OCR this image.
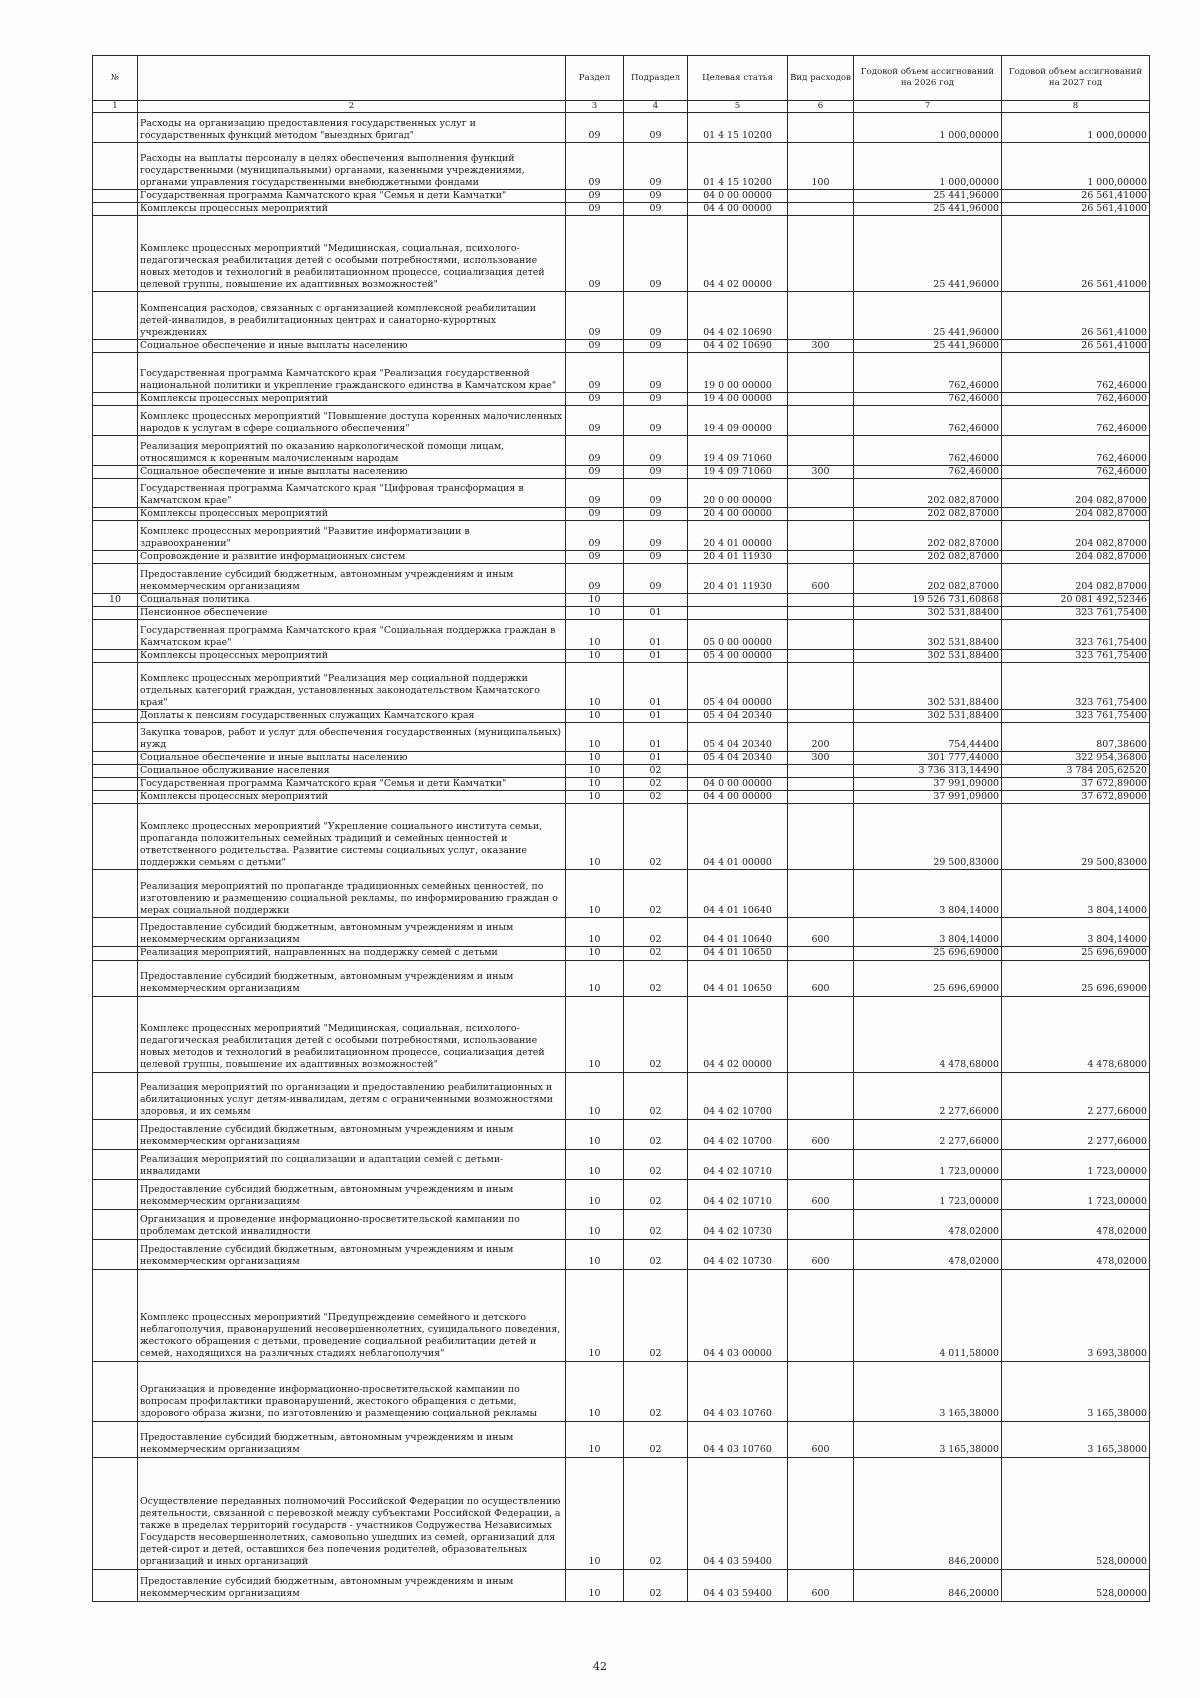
№		Раздел	Подраздел	Целевая статья	Вид расходов	Годовой объем ассигнований на 2026 год	Годовой объем ассигнований на 2027 год
1	2	3	4	5	6	7	8
	Расходы на организацию предоставления государственных услуг и государственных функций методом "выездных бригад"	09	09	01 4 15 10200		1 000,00000	1 000,00000
	Расходы на выплаты персоналу в целях обеспечения выполнения функций государственными (муниципальными) органами, казенными учреждениями, органами управления государственными внебюджетными фондами	09	09	01 4 15 10200	100	1 000,00000	1 000,00000
	Государственная программа Камчатского края "Семья и дети Камчатки"	09	09	04 0 00 00000		25 441,96000	26 561,41000
	Комплексы процессных мероприятий	09	09	04 4 00 00000		25 441,96000	26 561,41000
	Комплекс процессных мероприятий "Медицинская, социальная, психолого-педагогическая реабилитация детей с особыми потребностями, использование новых методов и технологий в реабилитационном процессе, социализация детей целевой группы, повышение их адаптивных возможностей"	09	09	04 4 02 00000		25 441,96000	26 561,41000
	Компенсация расходов, связанных с организацией комплексной реабилитации детей-инвалидов, в реабилитационных центрах и санаторно-курортных учреждениях	09	09	04 4 02 10690		25 441,96000	26 561,41000
	Социальное обеспечение и иные выплаты населению	09	09	04 4 02 10690	300	25 441,96000	26 561,41000
	Государственная программа Камчатского края "Реализация государственной национальной политики и укрепление гражданского единства в Камчатском крае"	09	09	19 0 00 00000		762,46000	762,46000
	Комплексы процессных мероприятий	09	09	19 4 00 00000		762,46000	762,46000
	Комплекс процессных мероприятий "Повышение доступа коренных малочисленных народов к услугам в сфере социального обеспечения"	09	09	19 4 09 00000		762,46000	762,46000
	Реализация мероприятий по оказанию наркологической помощи лицам, относящимся к коренным малочисленным народам	09	09	19 4 09 71060		762,46000	762,46000
	Социальное обеспечение и иные выплаты населению	09	09	19 4 09 71060	300	762,46000	762,46000
	Государственная программа Камчатского края "Цифровая трансформация в Камчатском крае"	09	09	20 0 00 00000		202 082,87000	204 082,87000
	Комплексы процессных мероприятий	09	09	20 4 00 00000		202 082,87000	204 082,87000
	Комплекс процессных мероприятий "Развитие информатизации в здравоохранении"	09	09	20 4 01 00000		202 082,87000	204 082,87000
	Сопровождение и развитие информационных систем	09	09	20 4 01 11930		202 082,87000	204 082,87000
	Предоставление субсидий бюджетным, автономным учреждениям и иным некоммерческим организациям	09	09	20 4 01 11930	600	202 082,87000	204 082,87000
10	Социальная политика	10				19 526 731,60868	20 081 492,52346
	Пенсионное обеспечение	10	01			302 531,88400	323 761,75400
	Государственная программа Камчатского края "Социальная поддержка граждан в Камчатском крае"	10	01	05 0 00 00000		302 531,88400	323 761,75400
	Комплексы процессных мероприятий	10	01	05 4 00 00000		302 531,88400	323 761,75400
	Комплекс процессных мероприятий "Реализация мер социальной поддержки отдельных категорий граждан, установленных законодательством Камчатского края"	10	01	05 4 04 00000		302 531,88400	323 761,75400
	Доплаты к пенсиям государственных служащих Камчатского края	10	01	05 4 04 20340		302 531,88400	323 761,75400
	Закупка товаров, работ и услуг для обеспечения государственных (муниципальных) нужд	10	01	05 4 04 20340	200	754,44400	807,38600
	Социальное обеспечение и иные выплаты населению	10	01	05 4 04 20340	300	301 777,44000	322 954,36800
	Социальное обслуживание населения	10	02			3 736 313,14490	3 784 205,62520
	Государственная программа Камчатского края "Семья и дети Камчатки"	10	02	04 0 00 00000		37 991,09000	37 672,89000
	Комплексы процессных мероприятий	10	02	04 4 00 00000		37 991,09000	37 672,89000
	Комплекс процессных мероприятий "Укрепление социального института семьи, пропаганда положительных семейных традиций и семейных ценностей и ответственного родительства. Развитие системы социальных услуг, оказание поддержки семьям с детьми"	10	02	04 4 01 00000		29 500,83000	29 500,83000
	Реализация мероприятий по пропаганде традиционных семейных ценностей, по изготовлению и размещению социальной рекламы, по информированию граждан о мерах социальной поддержки	10	02	04 4 01 10640		3 804,14000	3 804,14000
	Предоставление субсидий бюджетным, автономным учреждениям и иным некоммерческим организациям	10	02	04 4 01 10640	600	3 804,14000	3 804,14000
	Реализация мероприятий, направленных на поддержку семей с детьми	10	02	04 4 01 10650		25 696,69000	25 696,69000
	Предоставление субсидий бюджетным, автономным учреждениям и иным некоммерческим организациям	10	02	04 4 01 10650	600	25 696,69000	25 696,69000
	Комплекс процессных мероприятий "Медицинская, социальная, психолого-педагогическая реабилитация детей с особыми потребностями, использование новых методов и технологий в реабилитационном процессе, социализация детей целевой группы, повышение их адаптивных возможностей"	10	02	04 4 02 00000		4 478,68000	4 478,68000
	Реализация мероприятий по организации и предоставлению реабилитационных и абилитационных услуг детям-инвалидам, детям с ограниченными возможностями здоровья, и их семьям	10	02	04 4 02 10700		2 277,66000	2 277,66000
	Предоставление субсидий бюджетным, автономным учреждениям и иным некоммерческим организациям	10	02	04 4 02 10700	600	2 277,66000	2 277,66000
	Реализация мероприятий по социализации и адаптации семей с детьми-инвалидами	10	02	04 4 02 10710		1 723,00000	1 723,00000
	Предоставление субсидий бюджетным, автономным учреждениям и иным некоммерческим организациям	10	02	04 4 02 10710	600	1 723,00000	1 723,00000
	Организация и проведение информационно-просветительской кампании по проблемам детской инвалидности	10	02	04 4 02 10730		478,02000	478,02000
	Предоставление субсидий бюджетным, автономным учреждениям и иным некоммерческим организациям	10	02	04 4 02 10730	600	478,02000	478,02000
	Комплекс процессных мероприятий "Предупреждение семейного и детского неблагополучия, правонарушений несовершеннолетних, суицидального поведения, жестокого обращения с детьми, проведение социальной реабилитации детей и семей, находящихся на различных стадиях неблагополучия"	10	02	04 4 03 00000		4 011,58000	3 693,38000
	Организация и проведение информационно-просветительской кампании по вопросам профилактики правонарушений, жестокого обращения с детьми, здорового образа жизни, по изготовлению и размещению социальной рекламы	10	02	04 4 03 10760		3 165,38000	3 165,38000
	Предоставление субсидий бюджетным, автономным учреждениям и иным некоммерческим организациям	10	02	04 4 03 10760	600	3 165,38000	3 165,38000
	Осуществление переданных полномочий Российской Федерации по осуществлению деятельности, связанной с перевозкой между субъектами Российской Федерации, а также в пределах территорий государств - участников Содружества Независимых Государств несовершеннолетних, самовольно ушедших из семей, организаций для детей-сирот и детей, оставшихся без попечения родителей, образовательных организаций и иных организаций	10	02	04 4 03 59400		846,20000	528,00000
	Предоставление субсидий бюджетным, автономным учреждениям и иным некоммерческим организациям	10	02	04 4 03 59400	600	846,20000	528,00000
42
